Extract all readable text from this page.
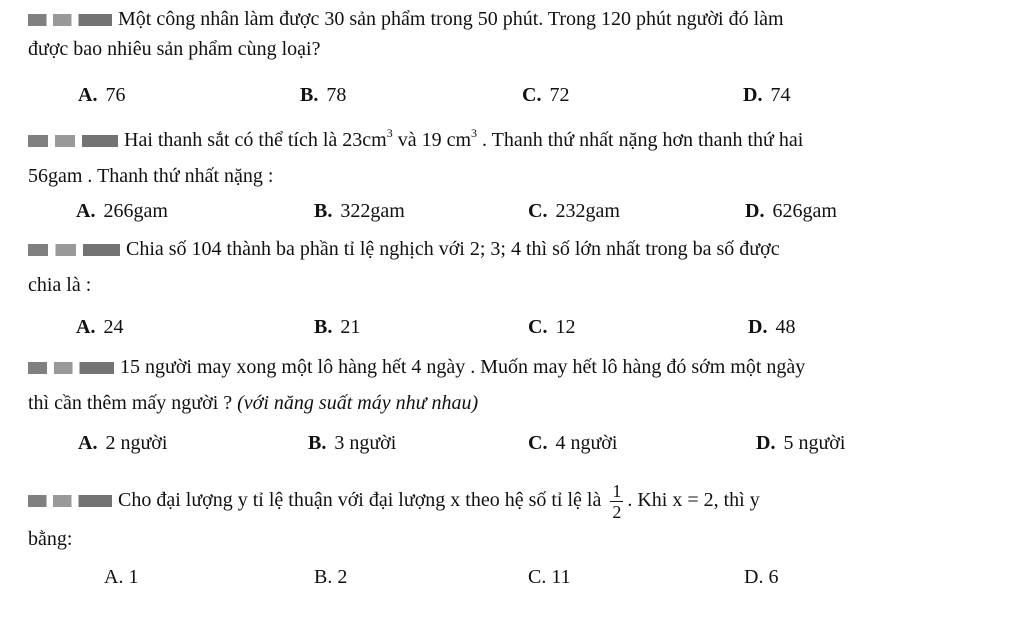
Một công nhân làm được 30 sản phẩm trong 50 phút. Trong 120 phút người đó làm
được bao nhiêu sản phẩm cùng loại?
A. 76	B. 78	C. 72	D. 74
Hai thanh sắt có thể tích là $23cm^3$ và 19 $cm^3$ . Thanh thứ nhất nặng hơn thanh thứ hai
56gam . Thanh thứ nhất nặng :
A. 266gam	B. 322gam	C. 232gam	D. 626gam
Chia số 104 thành ba phần tỉ lệ nghịch với 2; 3; 4 thì số lớn nhất trong ba số được
chia là :
A. 24	B. 21	C. 12	D. 48
15 người may xong một lô hàng hết 4 ngày . Muốn may hết lô hàng đó sớm một ngày
thì cần thêm mấy người ? (với năng suất máy như nhau)
A. 2 người	B. 3 người	C. 4 người	D. 5 người
Cho đại lượng y tỉ lệ thuận với đại lượng x theo hệ số tỉ lệ là $\frac{1}{2}$ . Khi x = 2, thì y
bằng:
A. 1	B. 2	C. 11	D. 6
